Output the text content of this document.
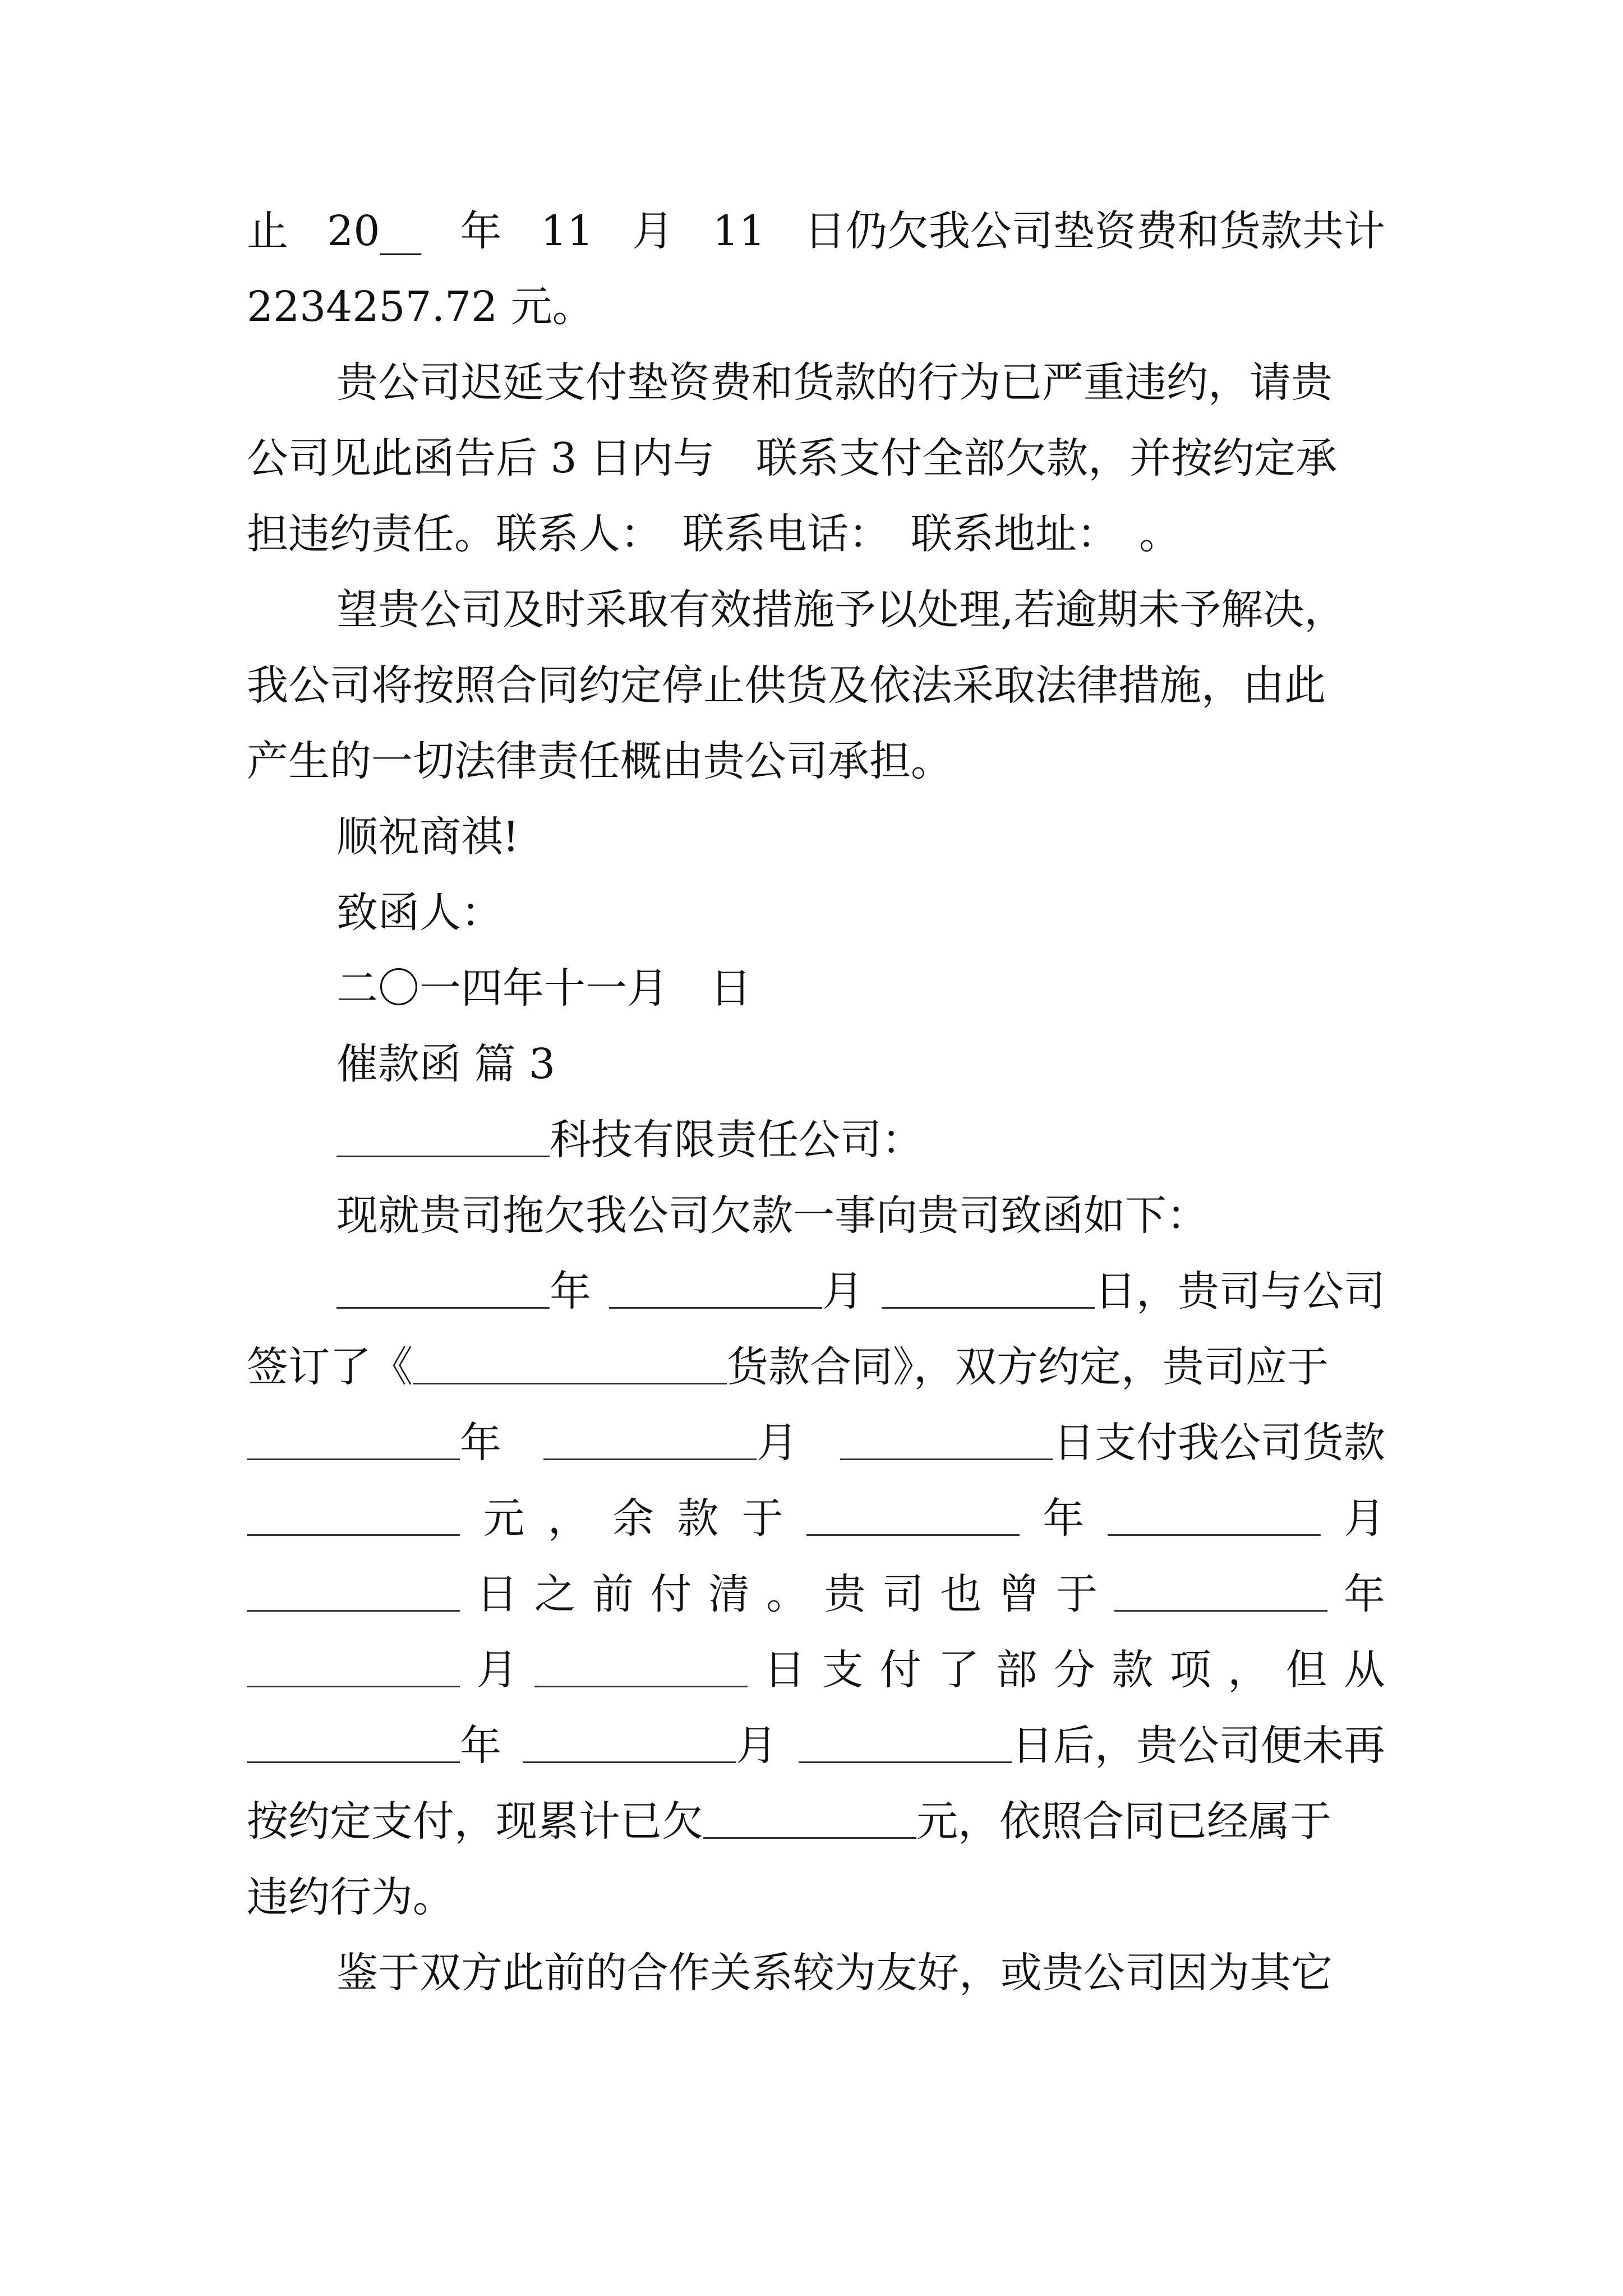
止 20__ 年 11 月 11 日仍欠我公司垫资费和货款共计
2234257.72 元。
贵公司迟延支付垫资费和货款的行为已严重违约，请贵
公司见此函告后 3 日内与　联系支付全部欠款，并按约定承
担违约责任。联系人：　联系电话：　联系地址：　。
望贵公司及时采取有效措施予以处理,若逾期未予解决，
我公司将按照合同约定停止供货及依法采取法律措施，由此
产生的一切法律责任概由贵公司承担。
顺祝商祺!
致函人：
二〇一四年十一月　日
催款函 篇 3
科技有限责任公司：
现就贵司拖欠我公司欠款一事向贵司致函如下：
年	月	日，贵司与公司
签订了《	货款合同》，双方约定，贵司应于
年	月	日支付我公司货款
元 ， 余 款 于	年	月
日 之 前 付 清 。 贵 司 也 曾 于	年
月	日 支 付 了 部 分 款 项 ， 但 从
年	月	日后，贵公司便未再
按约定支付，现累计已欠	元，依照合同已经属于
违约行为。
鉴于双方此前的合作关系较为友好，或贵公司因为其它
